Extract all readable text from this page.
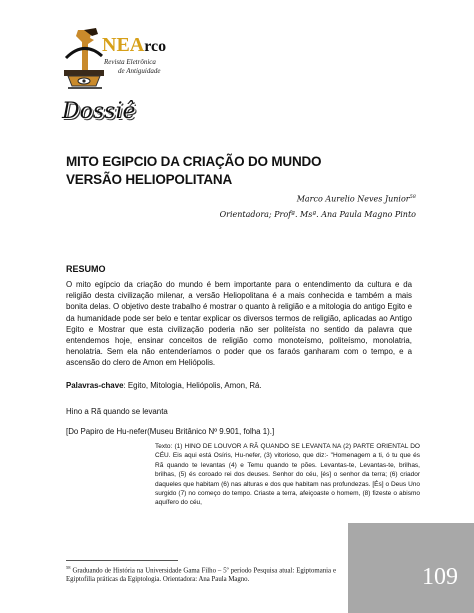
NEArco
Revista Eletrônica
de Antiguidade
Dossiê
MITO EGIPCIO DA CRIAÇÃO DO MUNDO
VERSÃO HELIOPOLITANA
Marco Aurelio Neves Junior$^{58}$
Orientadora; Profª. Msª. Ana Paula Magno Pinto
RESUMO
O mito egípcio da criação do mundo é bem importante para o entendimento da cultura e da religião desta civilização milenar, a versão Heliopolitana é a mais conhecida e também a mais bonita delas. O objetivo deste trabalho é mostrar o quanto à religião e a mitologia do antigo Egito e da humanidade pode ser belo e tentar explicar os diversos termos de religião, aplicadas ao Antigo Egito e Mostrar que esta civilização poderia não ser politeísta no sentido da palavra que entendemos hoje, ensinar conceitos de religião como monoteísmo, politeísmo, monolatria, henolatria. Sem ela não entenderíamos o poder que os faraós ganharam com o tempo, e a ascensão do clero de Amon em Heliópolis.
Palavras-chave: Egito, Mitologia, Heliópolis, Amon, Rá.
Hino a Rã quando se levanta
[Do Papiro de Hu-nefer(Museu Britânico Nº 9.901, folha 1).]
Texto: (1) HINO DE LOUVOR A RÃ QUANDO SE LEVANTA NA (2) PARTE ORIENTAL DO CÉU. Eis aqui está Osíris, Hu-nefer, (3) vitorioso, que diz:- "Homenagem a ti, ó tu que és Rã quando te levantas (4) e Temu quando te pões. Levantas-te, Levantas-te, brilhas, brilhas, (5) és coroado rei dos deuses. Senhor do céu, [és] o senhor da terra; (6) criador daqueles que habitam (6) nas alturas e dos que habitam nas profundezas. [És] o Deus Uno surgido (7) no começo do tempo. Criaste a terra, afeiçoaste o homem, (8) fizeste o abismo aquífero do céu,
$^{58}$ Graduando de História na Universidade Gama Filho – 5º período Pesquisa atual: Egiptomania e Egiptofilia práticas da Egiptologia. Orientadora: Ana Paula Magno.	109
